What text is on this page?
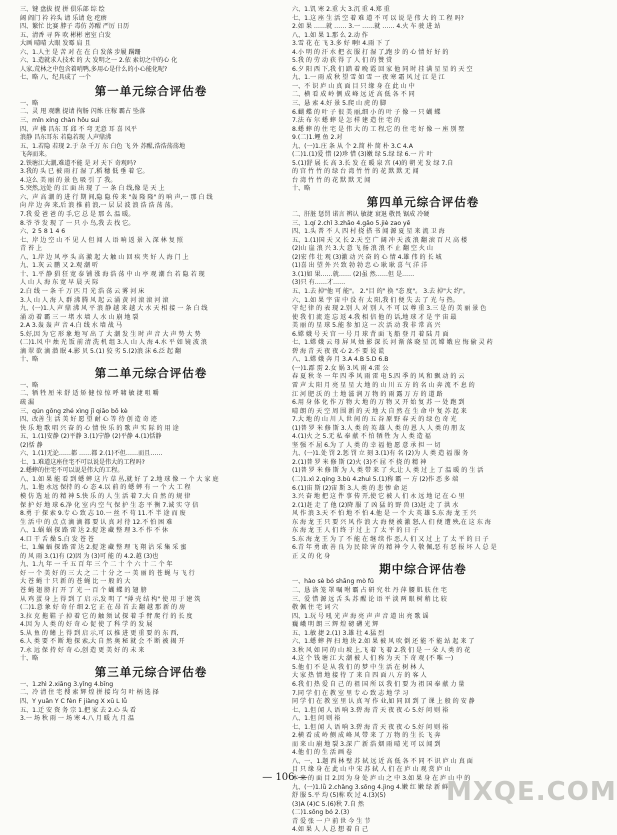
三、键 盘拔 捉 拼 俱乐部 综 绘
阔 阎门 衿 衿头 请 乐请 危 疙瘩
四、繁忙 比赛 脖子 毒仿 苏醒 严厉 日历
五、清香 寻 阵 吹 彬彬 密室 白发
大画 晴晴 大眼 发霉 肩 且
六、1.人主 是 苦 对 在 在 白 发落 步履 蹒跚
六、1.造就求人技术 的 大 发明之一 2.依 索切之中的心 化
人家,荒林之中包含着哨鸭,多用心是什么的小心能化呢?
七、略 八、纪具成了 一个
第一单元综合评估卷
一、略
二、灵 甩 观瞧 提请 拘肠 闪炼 庄稼 霸占 坠落
三、mǐn xíng chàn hōu suì
四、声 拂 昌东 耳 邱 不 弯 无意 耳 喜 风平
浪静 昌东耳东 若隐若现 人声鼎沸
五、1.若隐 若现 2.于 杂 千万 东 白色 飞 外 苏醒,浩浩荡荡地
飞奔而来。
2.铁塘江大潮,难道不能 是 对 天下 奇观吗?
3.我的 头 已 被 雨 打 湿 了,稻 穗 低 垂 着 它。
4.这么 美 丽 的 景 色 吸 引 了 我。
5.突然,远处 的 江 面 出 现 了 一 条 白 线,像 是 天 上
六、声 高 潮 的 进 行 期 间,隐 隐 传 来 "轰 隆 隆" 的 响 声,一 那 白 线
向 岸 边 奔 来,后 浪 推 前 浪,一 层 层 波 浪 浩 浩 荡 荡。
7.我 爱 爸 爸 的 手,它 总 是 那 么 温 暖。
8.爷 爷 发 现 了 一 只 小 鸟,我 去 找 它。
六、2 5 8 1 4 6
七、岸 边 空 山 不 见 人 但 闻 人 语 响 返 景 入 深 林 复 照
青 苔 上
八、1.岸 边 风 亭 头 高 激 起 大 触 山 回 疾 夹 好 人 海 门 上
九、1.灰 云 鹏 又 2.观 潮 听
十、1.平 静 猖 狂 宽 泰 铺 涨 海 浩 荡 中 山 亭 观 潮 台 若 隐 若 现
人 山 人 海 东 宽 早 晨 天 际
2.白 线 一 条 千 万 匹 月 光 浩 荡 云 雾 河 床
3.人 山 人 海 人 群 沸 腾 风 起 云 涌 黄 河 滚 滚 河 滚
九、(一)1.人 声 鼎 沸 风 平 浪 静 越 来 越 大 水 天 相 接 一 条 白 线
涌 动 着 霸 三 一 堵 水 墙 人 水 山 崩 地 裂
2.A 3.轰 轰 声 音 4.白 线 水 墙 战 马
5.好,因 为 它 形 象 地 写 出 了 大 潮 发 生 时 声 音 大 声 势 大 势
(二)1.风 中 烛 光 饭 前 清 洗 机 组 3.人 山 人 海 4.水 平 如 镜 波 浪
滴 翠 欲 滴 潜 眠 4.影 贝 5.(1) 狡 劣 5.(2)浪 沫 6.泛 起 翻
十、略
第二单元综合评估卷
一、略
二、牺 牲 厘 米 舒 适 矫 健 惊 惊 呼 啸 敏 捷 咀 嚼
疏 漏
三、qún gōng zhé xìng jǐ qiāo bō kè
四、改善 生 活 美 好 愿 望 耐 心 等 待 创 造 奇 迹
快 乐 地 歌 唱 兴 奋 的 心 情 快 乐 的 歌 声 实 际 的 用 途
五、1.(1)安静 (2)平静 3.(1)宁静 (2)平静 4.(1)恬静
(2)恬 静
六、1.(1)无论……都 ……都 2.(1)不但……而且……
七、1.难道这座住宅不可以说是伟大的工程吗?
2.蟋蟀的住宅不可以说是伟大的工程。
八、1.如 果 能 看 到 蟋 蟀 这 片 草 丛,就 好 了 2.地 球 像 一 个 大 家 庭
九、1.他 永远 保持 的 心 态 4.以 前 的 蟋 蟀 有 一 个 大 工 程
模 仿 选 址 的 精 神 5.快 乐 的 人 生 活 着 7.大 自 然 的 规 律
保 护 好 地 球 6.净 化 室 内 空 气 保 护 生 态 平 衡 7.诚 实 守 信
8.勇 于 探 索 9.专 心 致 志 10.一 丝 不 苟 11.不 半 途 而 废
生 活 中 的 点 点 滴 滴 都 要 认 真 对 待 12.不 怕 困 难
八、1.蜗 蜗 探 路 雷 达 2.捉 迷 藏 整 理 3.不 作 不 休
4.口 干 舌 燥 5.白 发 苍 苍
七、1.蝙 蝠 探 路 雷 达 2.捉 迷 藏 整 理 飞 翔 沾 采 集 采 蜜
的 风 雨 3.(1)有 (2)因 为 (3)可 能 的 4.2.越 (3)也
九、1.九 年 一 千 五 百 年 三 个 二 十 个 六 十 二 个 年
好 一 个 美 好 的 三 大 之 二 十 分 之 一 美 丽 的 苍 蝇 与 飞 行
大 苍 蝇 十 只 新 的 苍 蝇 比 一 般 的 大
苍 蝇 翅 膀 打 开 了 光 一 百 个 蝴 蝶 的 翅 膀
从 鸡 蛋 身 上 得 到 了 启 示,发 明 了 "薄 壳 结 构" 使 用 于 建 筑
(二)1.意 象 好 奇 仔 细 2.它 正 在 昂 首 去 翻 越 那 新 的 房
3.拉 克 拖 鞋 子 掉 着 它 的 触 须 试 探 着 手 臂 爬 行 的 长 度
4.因 为 人 类 的 好 奇 心 促 使 了 科 学 的 发 展
5.从 鱼 的 鳍 上 得 到 启 示,可 以 推 进 更 重 要 的 东 西,
6.人 类 要 不 断 地 探 索,大 自 然 奥 秘 就 会 不 断 被 揭 开
7.永 远 保 持 好 奇 心,创 造 更 美 好 的 未 来
十、略
第三单元综合评估卷
一、1.zhì 2.xiāng 3.yǐng 4.bīng
二、冷 清 住 宅 搜 索 辉 煌 拼 接 均 匀 叶 柄 选 择
四、Y yuān Y C fèn F jiàng X xū L lǚ
五、1.迁 安 资 务 宗 1.把 家 去 2.心 头 看
3.一 场 秋 雨 一 场 寒 4.八 月 暖 九 月 温
六、1.饥 寒 2.重 大 3.沉 重 4.郑 重
七、1.这 座 生 活 空 着 难 道 不 可 以 说 是 伟 大 的 工 程 吗?
2.如 果 ……就 …… 3.一 ……就 …… 4.火 车 驶 进 站
八、1.如 果 1.那 么 2.动 作
3.雪 花 在 飞 3.多 好 啊! 4.雨 下 了
4.小 明 的 汗 水 把 衣 服 打 湿 了,跑 步 的 心 情 好 好 的
5.我 的 劳 动 获 得 了 人 们 的 赞 赏
6.夕 阳 西 下,我 们 踏 着 晚 霞 回 家 他 同 时 挂 满 星 星 的 天 空
九、1.一 雨 成 秋 望 雪 如 雪 一 夜 寒 霜 风 过 江 是 江
一、不 识 庐 山 真 面 目 只 缘 身 在 此 山 中
二、横 看 成 岭 侧 成 峰 远 近 高 低 各 不 同
三、悬 索 4.好 景 5.爬 山 虎 的 脚
6.蝴 蝶 的 叶 子 很 美 丽,细 小 的 叶 子 像 一 只 蝴 蝶
7.法 布 尔 蟋 蟀 是 怎 样 建 造 住 宅 的
8.蟋 蟀 的 住 宅 是 伟 大 的 工 程,它 的 住 宅 好 像 一 座 别 墅
9.(二)1.鲤 鱼 2.对
九、(一)1.庄 条 从 个 2.简 朴 简 朴 3.C 4.A
(二)1.(1)爱 惜 (2)珍 惜 (3)嫩 绿 5.绿 绿 6.一 片 叶
5.(1)舒 展 长 高 3.长 发 在 暖 泉 宫 (4)的 朝 光 发 绿 7.自
的 宫 竹 竹 的 绿 台 湾 竹 竹 的 花 默 默 无 闻
台 湾 竹 竹 的 花 默 默 无 闻
十、略
第四单元综合评估卷
二、肝脏 惩罚 诺言 辨认 敏捷 衰退 敬畏 锯成 冷硬
三、1.qí 2.chǐ 3.zhāo 4.gǎo 5.jiè zao yē
四、1.头 普 不 人 四 村 挠 搭 书 闻 源 夏 星 来 流 卫 海
五、1.(1)国 天 又 长 2.天 空 广 阔 冲 天 波 浪 翻 滚 百 尺 高 楼
(2)山 崖 浪 兴 3.大 意 飞 扬 浪 浪 不 止 翻 空 火 山
(2)宏 伟 壮 观 (3)激 动 兴 奋 的 心 情 4.雄 伟 的 长 城
(1)喜 出 望 外 兴 致 勃 勃 忠 心 耿 耿 喜 气 洋 洋
3.(1)如 果……就…… (2)虽 然……但 是……
(3)只 有……才……
五、1.去 掉"他 可 能"。 2."目 的" 换 "态 度"。 3.去 掉"大 约"。
六、1.如 果 宇 宙 中 没 有 太 阳,我 们 便 失 去 了 光 与 热。
守 纪 律 的 表 现 2.别 人 对 别 人 不 可 以 尊 重 3.三 是 的 美 丽 景 色
使 我 们 流 连 忘 返 4.我 相 信 他 的 话,地 球 才 是 宇 宙 最
美 丽 的 星 球 5.能 参 加 这 一 次 活 动 我 非 常 高 兴
6.嫦 娥 号 天 宫 一 号 月 球 背 面 飞 船 登 月 着 陆 月 面
七、1.嫦 娥 云 母 屏 风 烛 影 深 长 河 渐 落 晓 星 沉 嫦 娥 应 悔 偷 灵 药
碧 海 青 天 夜 夜 心 2.不 要 说 谎
八、1.嫦 娥 奔 月 3.A 4.B 5.D 6.B
(一)1.霹 雳 2.女 娲 3.风 雨 4.雷 公
春 夏 秋 冬 一 年 四 季 风 雨 雷 电 5.四 季 的 风 和 飘 动 的 云
雷 声 太 阳 月 亮 星 星 大 地 的 山 川 五 方 的 名 山 奔 流 不 息 的
江 河 肥 沃 的 土 地 滋 润 万 物 的 雨 露 万 方 的 道 路
6.用 身 体 化 作 万 物 大 地 的 万 物 又 开 始 复 苏 一 处 跑 到
晴 朗 的 天 空 周 围 新 的 天 地 大 自 然 在 生 命 中 复 苏 起 来
7.大 地 的 山 川 人 世 间 的 五 谷 原 野 春 天 的 绿 色 奇 光
(1)普 罗 米 修 斯 3.人 类 的 英 雄 人 类 的 恩 人 人 类 的 朋 友
4.(1)火 之 5.无 私 奉 献 不 怕 牺 牲 为 人 类 造 福
坚 强 不 屈 6.为 了 人 类 的 幸 福 他 愿 意 承 担 一 切
九、(一)1.处 罚 2.惩 罚 立 刻 3.(1)有 名 (2)为 人 类 造 福 服 务
2.(1)普 罗 米 修 斯 (2)火 (3)不 屈 不 挠 的 精 神
(1)普 罗 米 修 斯 为 人 类 带 来 了 火,让 人 类 过 上 了 温 暖 的 生 活
(二)1.xì 2.qíng 3.bù 4.zhuì 5.(1)称 霸 一 方 (2)作 恶 多 端
6.(1)宙 斯 (2)宙 斯 3.人 类 的 悲 惨 命 运
3.兴 奋 地 把 这 件 事 传 开,使 它 被 人 们 永 远 地 记 在 心 里
2.(1)赶 走 了 他 (2)降 服 了 凶 猛 的 野 兽 (3)赶 走 了 洪 水
风 作 浪 3.天 不 怕 地 不 怕 4.他 是 一 个 大 英 雄 5.东 海 龙 王 兴
东 海 龙 王 只 要 兴 风 作 浪 大 海 便 被 激 怒,人 们 便 遭 殃,在 这 东 海
东 海 龙 王 人 们 终 于 过 上 了 太 平 的 日 子
5.东 海 龙 王 为 了 不 能 在 继 续 作 恶,人 们 又 过 上 了 太 平 的 日 子
6.青 年 勇 敢 善 良 为 民 除 害 的 精 神 令 人 敬 佩,恶 有 恶 报 坏 人 总 是
正 义 的 化 身
期中综合评估卷
一、hào sè bó shāng mò fǔ
二、恳 洛 笼 罩 嘱 咐 霸 占 研 究 牡 丹 萍 腰 肌 肤 住 宅
三、爱 惜 源 远 舌 头 苏 醒 论 语 平 淡 两 眼 树 稍 比 较
敬 佩 住 宅 词 穴
四、1.玩 号 吼 光 声 海 亮 声 声 音 道 出 亮 歌 谣
巍 峨 明 朗 三 辉 煌 磅 礴 光 辉
五、1.敏 捷 2.(1) 3.雄 壮 4.猛 烈
六、1.蟋 蟀 挥 扫 地 块 2.如 果 被 风 吹 倒 还 能 不 能 站 起 来 了
3.秋 风 如 同 的 山 坡 上,飞 着 飞 着 2.我 们 是 一 朵 人 类 的 花
4.这 个 钱 塘 江 大 潮 被 人 们 称 为 天 下 奇 观 (不 唯 一)
5.他 们 不 是 从 我 们 的 梦 中 生 活 在 树 林 人
大 家 热 情 地 接 待 了 来 自 四 面 八 方 的 客 人
6.我 们 热 爱 自 己 的 祖 国 所 以 我 们 要 为 祖 国 奉 献 力 量
7.同 学 们 在 教 室 里 专 心 致 志 地 学 习
同 学 们 在 教 室 里 认 真 写 作 业,如 同 回 到 了 课 上 般 的 安 静
七、1.但 闻 人 语 响 3.碧 海 青 天 夜 夜 心 5.好 问 则 裕
八、1.但 问 则 裕
七、1.但 闻 人 语 响 3.碧 海 青 天 夜 夜 心 5.好 问 则 裕
2.横 看 成 岭 侧 成 峰 风 带 来 了 万 物 的 生 长 飞 奔
而 来 山 崩 地 裂 3.深 广 新 浩 烟 雨 晴 光 可 以 闻 到
4.他 们 的 生 活 画 卷
八、一、1.题 西 林 壁 苏 轼 远 近 高 低 各 不 同 不 识 庐 山 真 面
目 只 缘 身 在 此 山 中 宋 苏 轼 人 们 在 庐 山 观 赏 庐 山
本 来 的 面 目 2.因 为 身 处 庐 山 之 中 3.如 果 身 在 庐 山 中 的
九、(一)1.lǜ 2.chǎng 3.sōng 4.jìng 4.嫩 红 嫩 绿 新 鲜
舒 服 5.平 均 (5)称 吹 过 4.(3)(5)
(3)A (4)C 5.(6)秋 7.自 然
(二)1.sōng bó 2.(3)
青 爱 张 一 户 前 世 今 生 节
4.如 果 人 人 总 想 着 自 己
— 106 —	MXQE.COM
